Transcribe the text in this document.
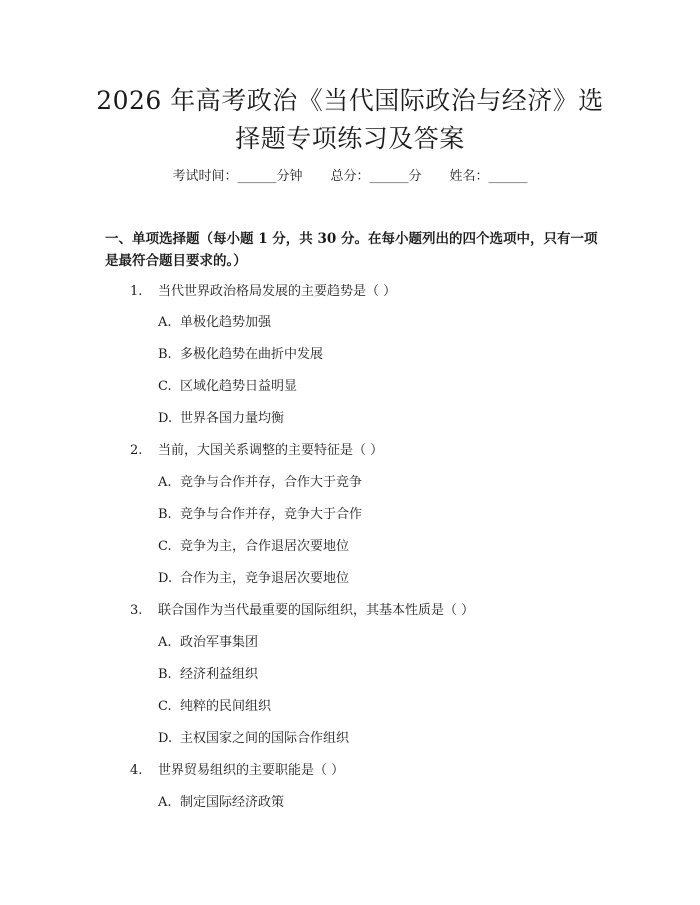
2026 年高考政治《当代国际政治与经济》选
择题专项练习及答案
考试时间：______分钟 总分：______分 姓名：______
一、单项选择题（每小题 1 分，共 30 分。在每小题列出的四个选项中，只有一项
是最符合题目要求的。）
1. 当代世界政治格局发展的主要趋势是（ ）
A. 单极化趋势加强
B. 多极化趋势在曲折中发展
C. 区域化趋势日益明显
D. 世界各国力量均衡
2. 当前，大国关系调整的主要特征是（ ）
A. 竞争与合作并存，合作大于竞争
B. 竞争与合作并存，竞争大于合作
C. 竞争为主，合作退居次要地位
D. 合作为主，竞争退居次要地位
3. 联合国作为当代最重要的国际组织，其基本性质是（ ）
A. 政治军事集团
B. 经济利益组织
C. 纯粹的民间组织
D. 主权国家之间的国际合作组织
4. 世界贸易组织的主要职能是（ ）
A. 制定国际经济政策
